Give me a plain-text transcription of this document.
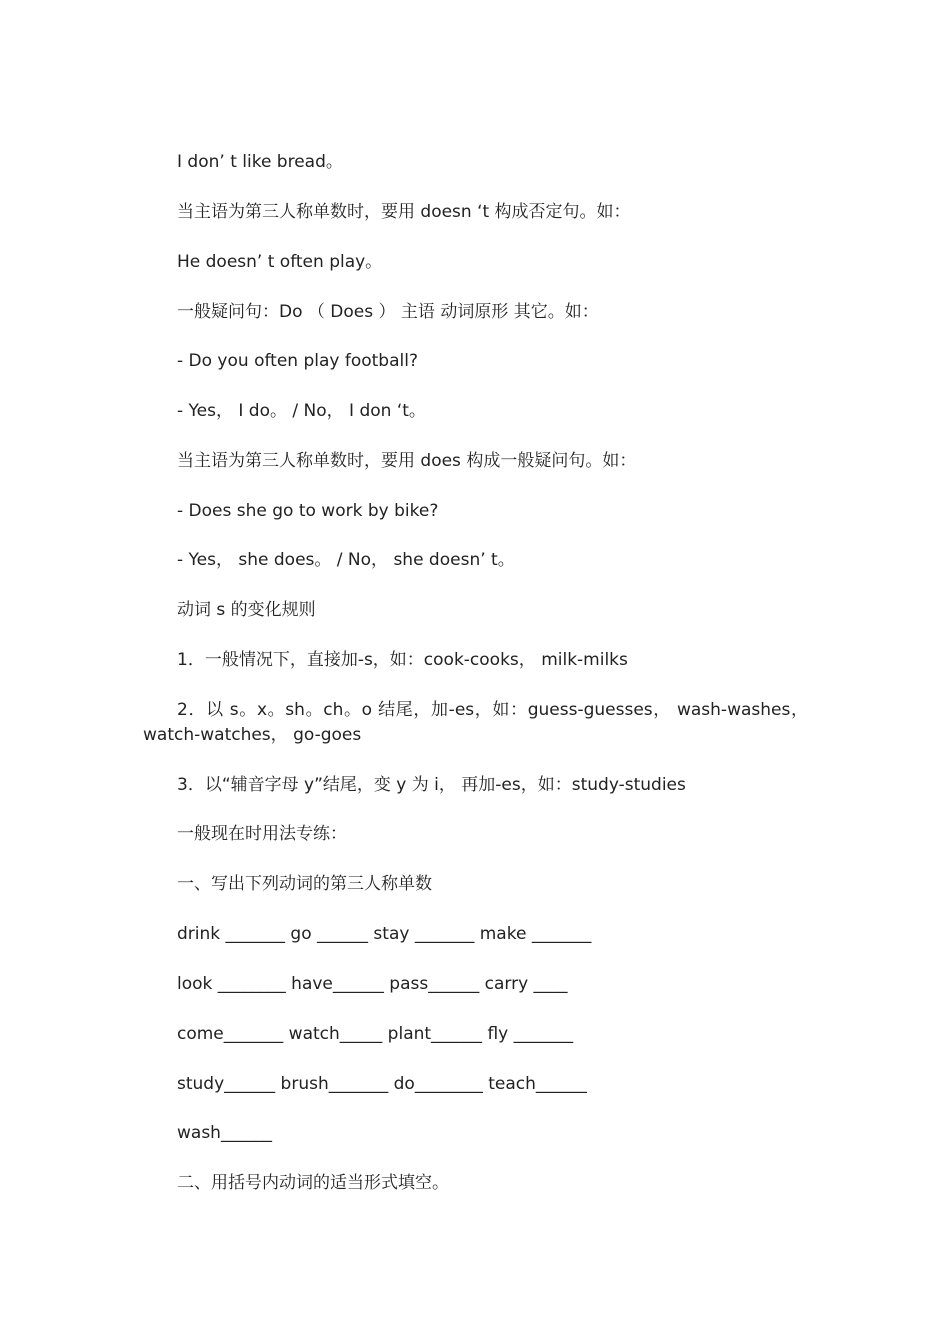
I don’ t like bread。
当主语为第三人称单数时，要用 doesn ‘t 构成否定句。如：
He doesn’ t often play。
一般疑问句：Do （ Does ） 主语 动词原形 其它。如：
- Do you often play football?
- Yes， I do。 / No， I don ‘t。
当主语为第三人称单数时，要用 does 构成一般疑问句。如：
- Does she go to work by bike?
- Yes， she does。 / No， she doesn’ t。
动词 s 的变化规则
1．一般情况下，直接加-s，如：cook-cooks， milk-milks
2．以 s。x。sh。ch。o 结尾，加-es，如：guess-guesses， wash-washes， watch-watches， go-goes
3．以“辅音字母 y”结尾，变 y 为 i， 再加-es，如：study-studies
一般现在时用法专练：
一、写出下列动词的第三人称单数
drink _______ go ______ stay _______ make _______
look ________ have______ pass______ carry ____
come_______ watch_____ plant______ fly _______
study______ brush_______ do________ teach______
wash______
二、用括号内动词的适当形式填空。
